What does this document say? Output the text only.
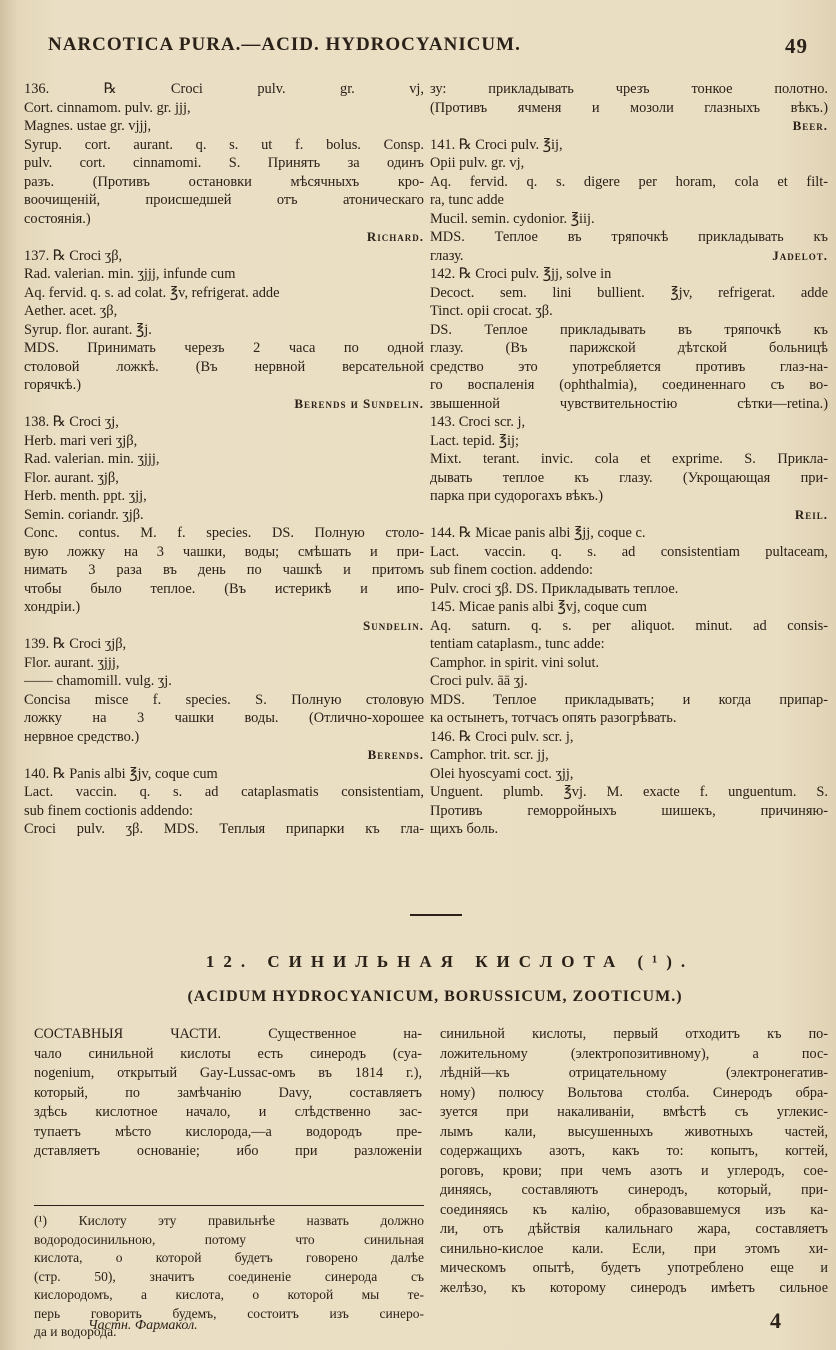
NARCOTICA PURA.—ACID. HYDROCYANICUM.	49
136. ℞ Croci pulv. gr. vj,
Cort. cinnamom. pulv. gr. jjj,
Magnes. ustae gr. vjjj,
Syrup. cort. aurant. q. s. ut f. bolus. Consp.
pulv. cort. cinnamomi. S. Принять за одинъ
разъ. (Противъ остановки мѣсячныхъ кро-
воочищеній, происшедшей отъ атоническаго
состоянія.)
Richard.
137. ℞ Croci ʒβ,
Rad. valerian. min. ʒjjj, infunde cum
Aq. fervid. q. s. ad colat. ℥v, refrigerat. adde
Aether. acet. ʒβ,
Syrup. flor. aurant. ℥j.
MDS. Принимать черезъ 2 часа по одной
столовой ложкѣ. (Въ нервной версательной
горячкѣ.)
Berends и Sundelin.
138. ℞ Croci ʒj,
Herb. mari veri ʒjβ,
Rad. valerian. min. ʒjjj,
Flor. aurant. ʒjβ,
Herb. menth. ppt. ʒjj,
Semin. coriandr. ʒjβ.
Conc. contus. M. f. species. DS. Полную столо-
вую ложку на 3 чашки, воды; смѣшать и при-
нимать 3 раза въ день по чашкѣ и притомъ
чтобы было теплое. (Въ истерикѣ и ипо-
хондріи.)
Sundelin.
139. ℞ Croci ʒjβ,
Flor. aurant. ʒjjj,
—— chamomill. vulg. ʒj.
Concisa misce f. species. S. Полную столовую
ложку на 3 чашки воды. (Отлично-хорошее
нервное средство.)
Berends.
140. ℞ Panis albi ℥jv, coque cum
Lact. vaccin. q. s. ad cataplasmatis consistentiam,
sub finem coctionis addendo:
Croci pulv. ʒβ. MDS. Теплыя припарки къ гла-
зу: прикладывать чрезъ тонкое полотно.
(Противъ ячменя и мозоли глазныхъ вѣкъ.)
Beer.
141. ℞ Croci pulv. ℥ij,
Opii pulv. gr. vj,
Aq. fervid. q. s. digere per horam, cola et filt-
ra, tunc adde
Mucil. semin. cydonior. ℥iij.
MDS. Теплое въ тряпочкѣ прикладывать къ
глазу.	Jadelot.
142. ℞ Croci pulv. ℥jj, solve in
Decoct. sem. lini bullient. ℥jv, refrigerat. adde
Tinct. opii crocat. ʒβ.
DS. Теплое прикладывать въ тряпочкѣ къ
глазу. (Въ парижской дѣтской больницѣ
средство это употребляется противъ глаз-на-
го воспаленія (ophthalmia), соединеннаго съ во-
звышенной чувствительностію сѣтки—retina.)
143. Croci scr. j,
Lact. tepid. ℥ij;
Mixt. terant. invic. cola et exprime. S. Прикла-
дывать теплое къ глазу. (Укрощающая при-
парка при судорогахъ вѣкъ.)
Reil.
144. ℞ Micae panis albi ℥jj, coque c.
Lact. vaccin. q. s. ad consistentiam pultaceam,
sub finem coction. addendo:
Pulv. croci ʒβ. DS. Прикладывать теплое.
145. Micae panis albi ℥vj, coque cum
Aq. saturn. q. s. per aliquot. minut. ad consis-
tentiam cataplasm., tunc adde:
Camphor. in spirit. vini solut.
Croci pulv. āā ʒj.
MDS. Теплое прикладывать; и когда припар-
ка остынетъ, тотчасъ опять разогрѣвать.
146. ℞ Croci pulv. scr. j,
Camphor. trit. scr. jj,
Olei hyoscyami coct. ʒjj,
Unguent. plumb. ℥vj. M. exacte f. unguentum. S.
Противъ геморройныхъ шишекъ, причиняю-
щихъ боль.
12. СИНИЛЬНАЯ КИСЛОТА (¹).
(ACIDUM HYDROCYANICUM, BORUSSICUM, ZOOTICUM.)
СОСТАВНЫЯ ЧАСТИ. Существенное на-
чало синильной кислоты есть синеродъ (cya-
nogenium, открытый Gay-Lussac-омъ въ 1814 г.),
который, по замѣчанію Davy, составляетъ
здѣсь кислотное начало, и слѣдственно зас-
тупаетъ мѣсто кислорода,—а водородъ пре-
дставляетъ основаніе; ибо при разложеніи
синильной кислоты, первый отходитъ къ по-
ложительному (электропозитивному), а пос-
лѣдній—къ отрицательному (электронегатив-
ному) полюсу Вольтова столба. Синеродъ обра-
зуется при накаливаніи, вмѣстѣ съ углекис-
лымъ кали, высушенныхъ животныхъ частей,
содержащихъ азотъ, какъ то: копытъ, когтей,
роговъ, крови; при чемъ азотъ и углеродъ, сое-
диняясь, составляютъ синеродъ, который, при-
соединяясь къ калію, образовавшемуся изъ ка-
ли, отъ дѣйствія калильнаго жара, составляетъ
синильно-кислое кали. Если, при этомъ хи-
мическомъ опытѣ, будетъ употреблено еще и
желѣзо, къ которому синеродъ имѣетъ сильное
(¹) Кислоту эту правильнѣе назвать должно
водородосинильною, потому что синильная
кислота, о которой будетъ говорено далѣе
(стр. 50), значитъ соединеніе синерода съ
кислородомъ, а кислота, о которой мы те-
перь говорить будемъ, состоитъ изъ синеро-
да и водорода.
Частн. Фармакол.	4
